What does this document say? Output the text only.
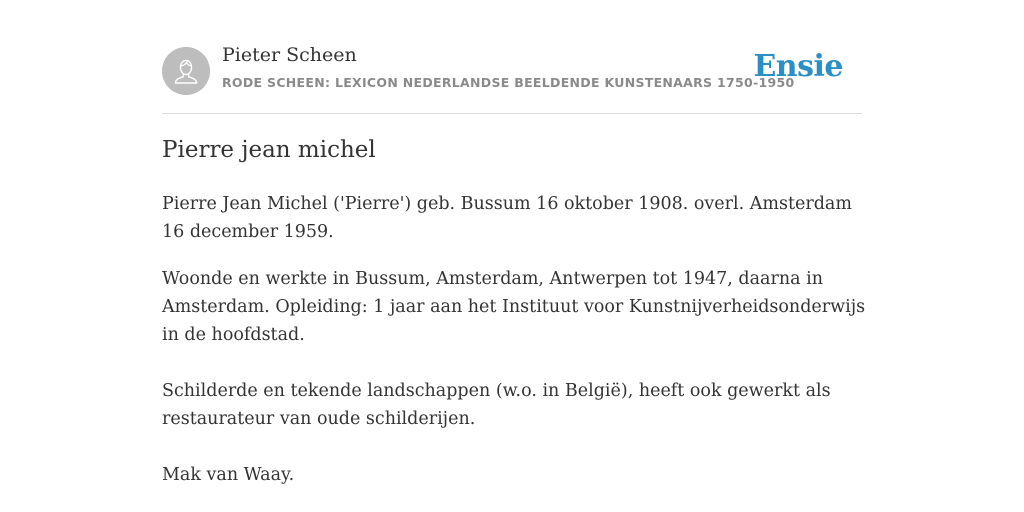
Pieter Scheen
RODE SCHEEN: LEXICON NEDERLANDSE BEELDENDE KUNSTENAARS 1750-1950
Ensie
Pierre jean michel

Pierre Jean Michel ('Pierre') geb. Bussum 16 oktober 1908. overl. Amsterdam 16 december 1959.

Woonde en werkte in Bussum, Amsterdam, Antwerpen tot 1947, daarna in Amsterdam. Opleiding: 1 jaar aan het Instituut voor Kunstnijverheidsonderwijs in de hoofdstad.

Schilderde en tekende landschappen (w.o. in België), heeft ook gewerkt als restaurateur van oude schilderijen.

Mak van Waay.
